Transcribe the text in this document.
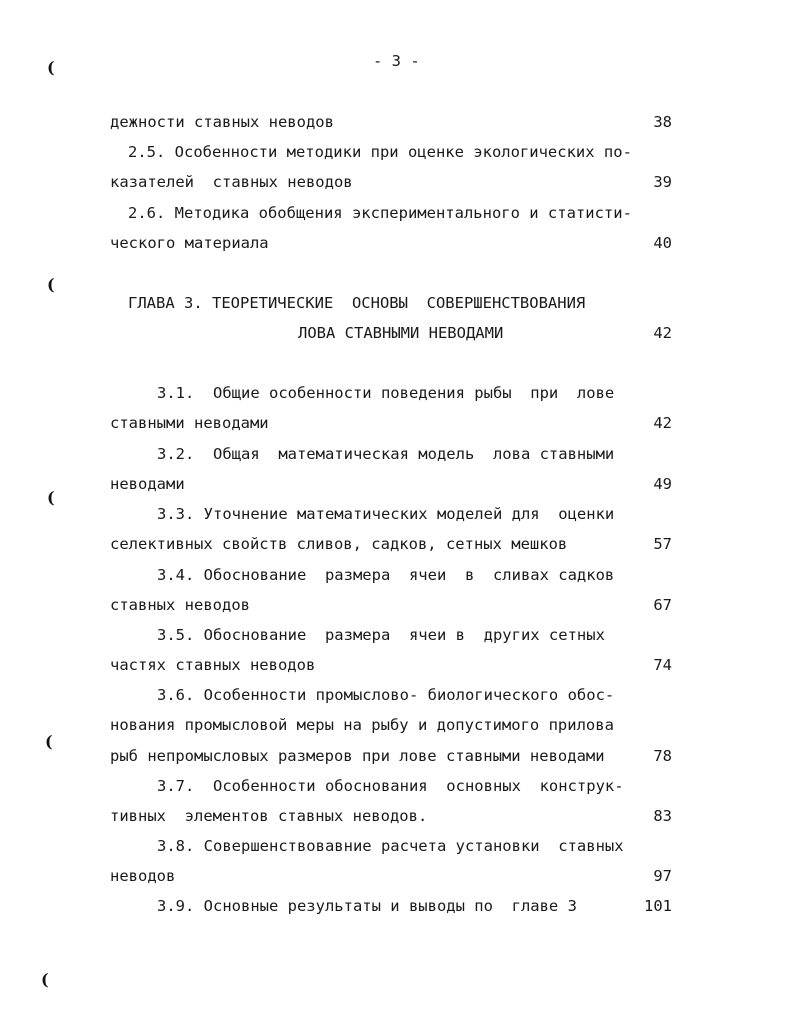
- 3 -
(
(
(
(
(
дежности ставных неводов	38
2.5. Особенности методики при оценке экологических по-
казателей  ставных неводов	39
2.6. Методика обобщения экспериментального и статисти-
ческого материала	40
ГЛАВА 3. ТЕОРЕТИЧЕСКИЕ  ОСНОВЫ  СОВЕРШЕНСТВОВАНИЯ
ЛОВА СТАВНЫМИ НЕВОДАМИ	42
3.1.  Общие особенности поведения рыбы  при  лове
ставными неводами	42
3.2.  Общая  математическая модель  лова ставными
неводами	49
3.3. Уточнение математических моделей для  оценки
селективных свойств сливов, садков, сетных мешков	57
3.4. Обоснование  размера  ячеи  в  сливах садков
ставных неводов	67
3.5. Обоснование  размера  ячеи в  других сетных
частях ставных неводов	74
3.6. Особенности промыслово- биологического обос-
нования промысловой меры на рыбу и допустимого прилова
рыб непромысловых размеров при лове ставными неводами	78
3.7.  Особенности обоснования  основных  конструк-
тивных  элементов ставных неводов.	83
3.8. Совершенствовавние расчета установки  ставных
неводов	97
3.9. Основные результаты и выводы по  главе 3	101
